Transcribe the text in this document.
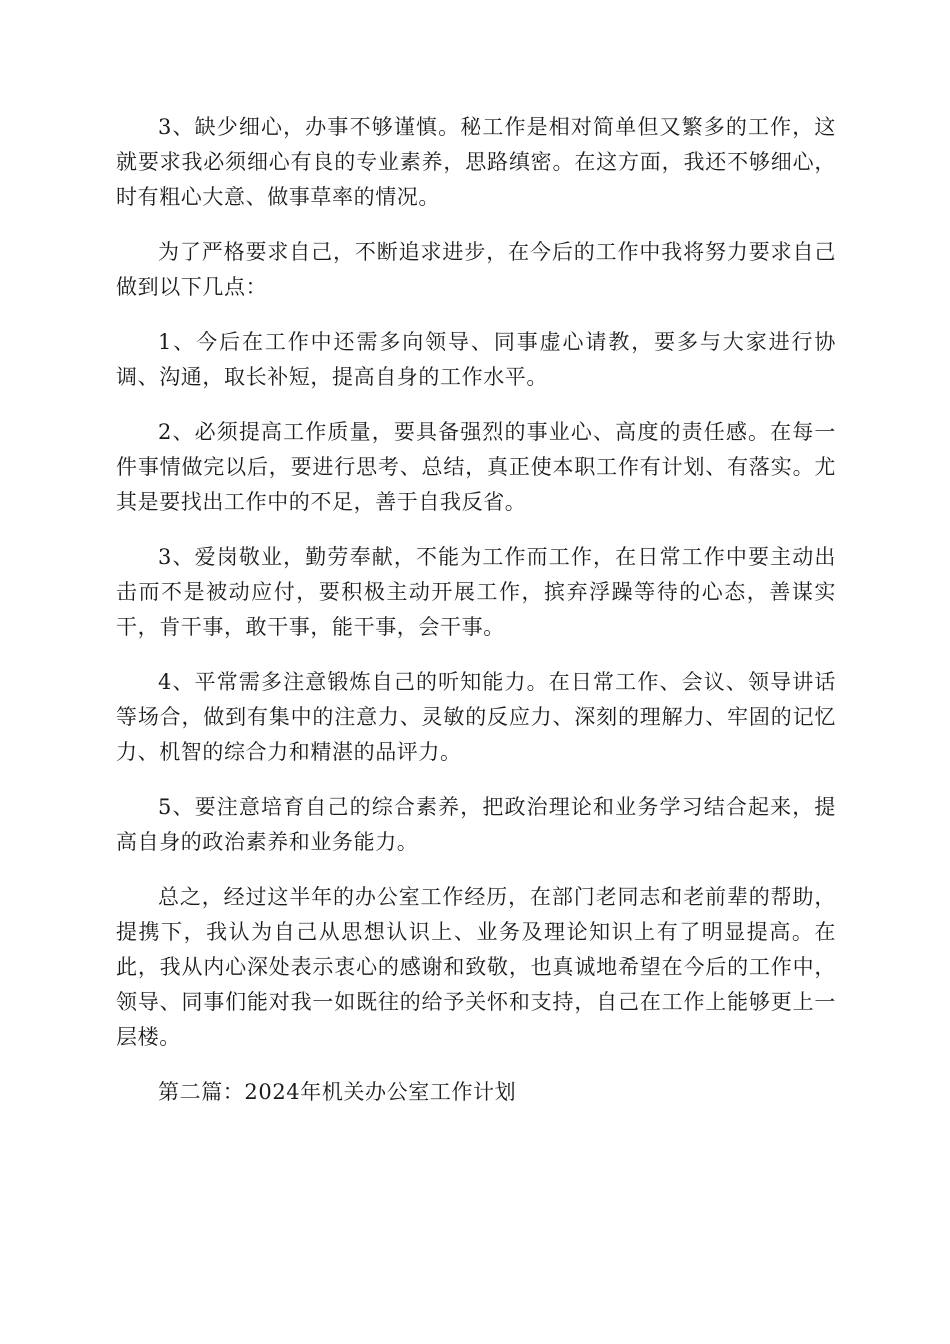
3、缺少细心，办事不够谨慎。秘工作是相对简单但又繁多的工作，这就要求我必须细心有良的专业素养，思路缜密。在这方面，我还不够细心，时有粗心大意、做事草率的情况。

为了严格要求自己，不断追求进步，在今后的工作中我将努力要求自己做到以下几点：

1、今后在工作中还需多向领导、同事虚心请教，要多与大家进行协调、沟通，取长补短，提高自身的工作水平。

2、必须提高工作质量，要具备强烈的事业心、高度的责任感。在每一件事情做完以后，要进行思考、总结，真正使本职工作有计划、有落实。尤其是要找出工作中的不足，善于自我反省。

3、爱岗敬业，勤劳奉献，不能为工作而工作，在日常工作中要主动出击而不是被动应付，要积极主动开展工作，摈弃浮躁等待的心态，善谋实干，肯干事，敢干事，能干事，会干事。

4、平常需多注意锻炼自己的听知能力。在日常工作、会议、领导讲话等场合，做到有集中的注意力、灵敏的反应力、深刻的理解力、牢固的记忆力、机智的综合力和精湛的品评力。

5、要注意培育自己的综合素养，把政治理论和业务学习结合起来，提高自身的政治素养和业务能力。

总之，经过这半年的办公室工作经历，在部门老同志和老前辈的帮助，提携下，我认为自己从思想认识上、业务及理论知识上有了明显提高。在此，我从内心深处表示衷心的感谢和致敬，也真诚地希望在今后的工作中，领导、同事们能对我一如既往的给予关怀和支持，自己在工作上能够更上一层楼。

第二篇：2024年机关办公室工作计划
